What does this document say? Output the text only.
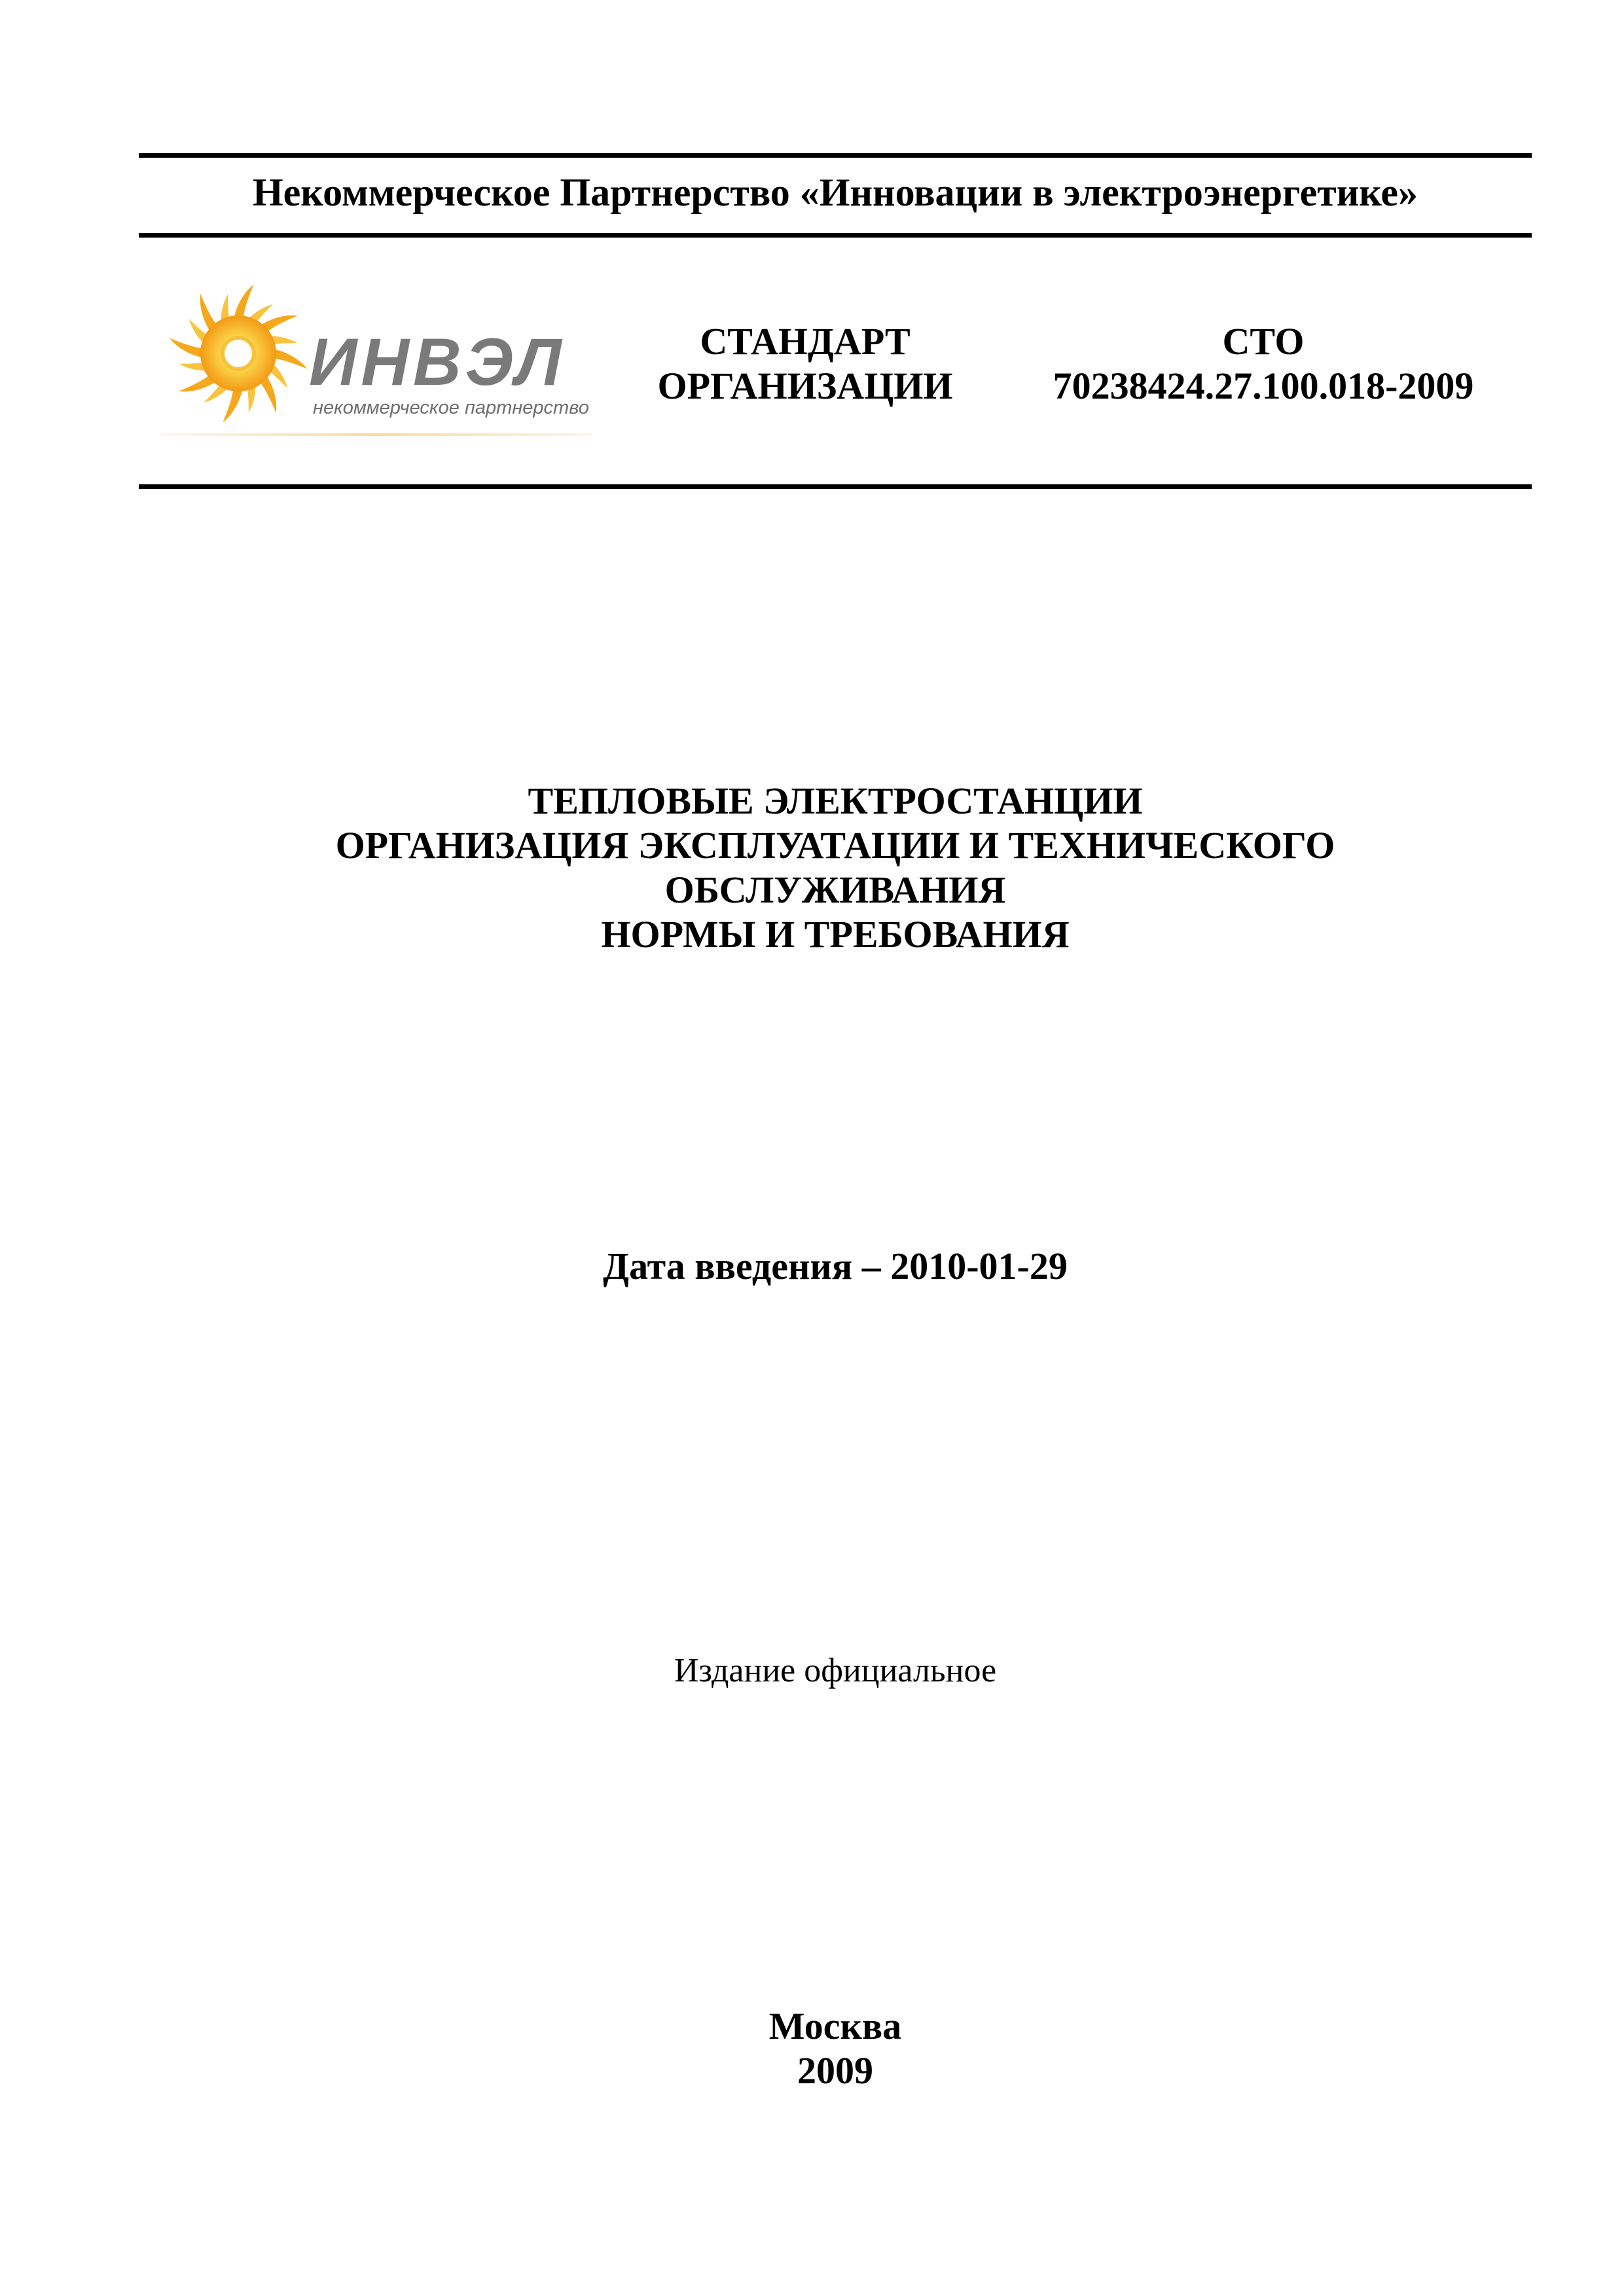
Некоммерческое Партнерство «Инновации в электроэнергетике»
ИНВЭЛ
некоммерческое партнерство
СТАНДАРТ
ОРГАНИЗАЦИИ
СТО
70238424.27.100.018-2009
ТЕПЛОВЫЕ ЭЛЕКТРОСТАНЦИИ
ОРГАНИЗАЦИЯ ЭКСПЛУАТАЦИИ И ТЕХНИЧЕСКОГО
ОБСЛУЖИВАНИЯ
НОРМЫ И ТРЕБОВАНИЯ
Дата введения – 2010-01-29
Издание официальное
Москва
2009
